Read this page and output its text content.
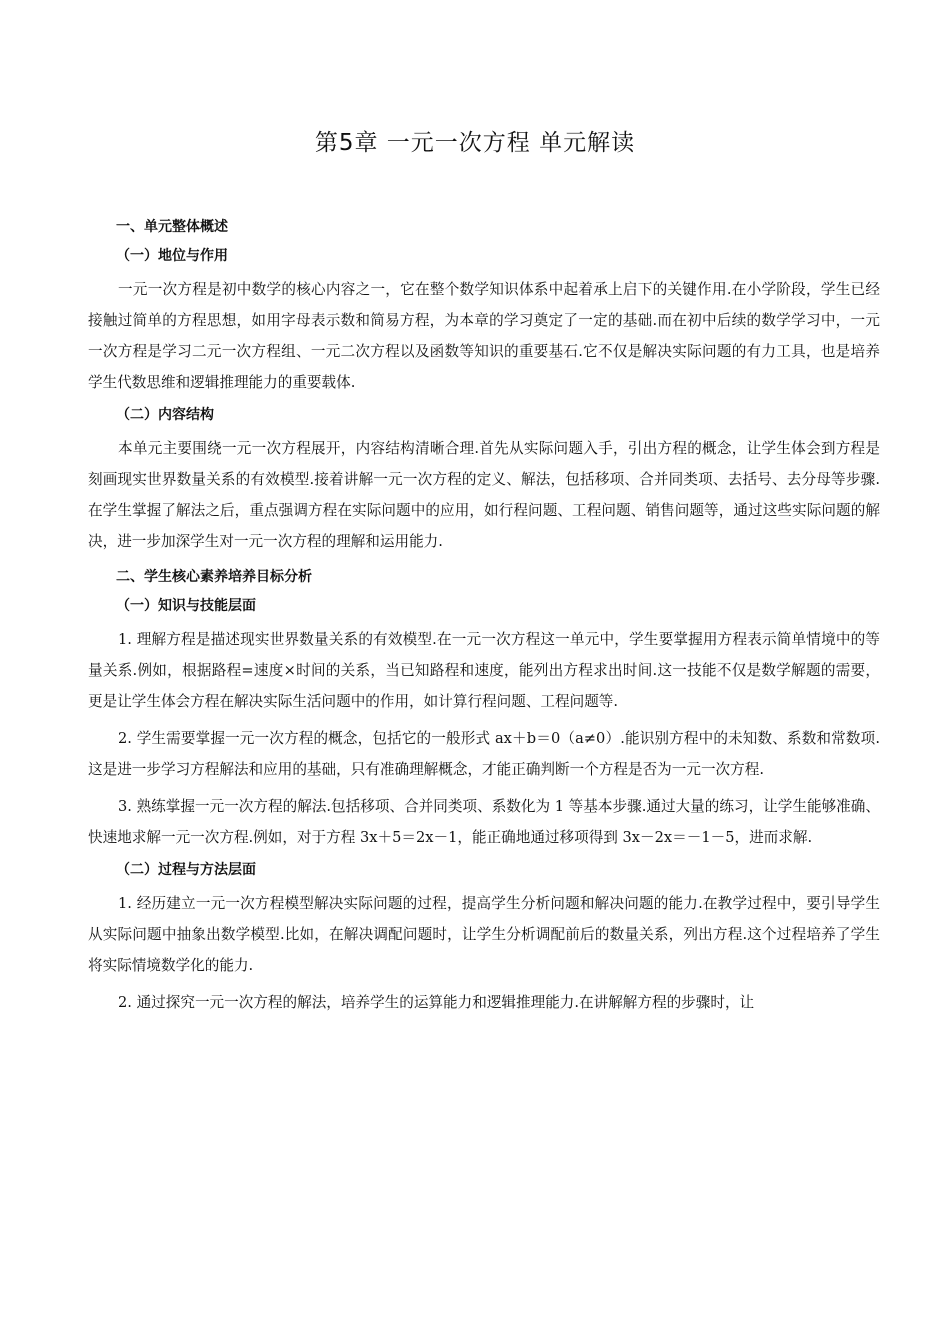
第5章 一元一次方程 单元解读
一、单元整体概述
（一）地位与作用

一元一次方程是初中数学的核心内容之一，它在整个数学知识体系中起着承上启下的关键作用.在小学阶段，学生已经接触过简单的方程思想，如用字母表示数和简易方程，为本章的学习奠定了一定的基础.而在初中后续的数学学习中，一元一次方程是学习二元一次方程组、一元二次方程以及函数等知识的重要基石.它不仅是解决实际问题的有力工具，也是培养学生代数思维和逻辑推理能力的重要载体.

（二）内容结构

本单元主要围绕一元一次方程展开，内容结构清晰合理.首先从实际问题入手，引出方程的概念，让学生体会到方程是刻画现实世界数量关系的有效模型.接着讲解一元一次方程的定义、解法，包括移项、合并同类项、去括号、去分母等步骤.在学生掌握了解法之后，重点强调方程在实际问题中的应用，如行程问题、工程问题、销售问题等，通过这些实际问题的解决，进一步加深学生对一元一次方程的理解和运用能力.

二、学生核心素养培养目标分析
（一）知识与技能层面

1. 理解方程是描述现实世界数量关系的有效模型.在一元一次方程这一单元中，学生要掌握用方程表示简单情境中的等量关系.例如，根据路程=速度×时间的关系，当已知路程和速度，能列出方程求出时间.这一技能不仅是数学解题的需要，更是让学生体会方程在解决实际生活问题中的作用，如计算行程问题、工程问题等.

2. 学生需要掌握一元一次方程的概念，包括它的一般形式 ax＋b＝0（a≠0）.能识别方程中的未知数、系数和常数项.这是进一步学习方程解法和应用的基础，只有准确理解概念，才能正确判断一个方程是否为一元一次方程.

3. 熟练掌握一元一次方程的解法.包括移项、合并同类项、系数化为 1 等基本步骤.通过大量的练习，让学生能够准确、快速地求解一元一次方程.例如，对于方程 3x＋5＝2x－1，能正确地通过移项得到 3x－2x＝－1－5，进而求解.

（二）过程与方法层面

1. 经历建立一元一次方程模型解决实际问题的过程，提高学生分析问题和解决问题的能力.在教学过程中，要引导学生从实际问题中抽象出数学模型.比如，在解决调配问题时，让学生分析调配前后的数量关系，列出方程.这个过程培养了学生将实际情境数学化的能力.

2. 通过探究一元一次方程的解法，培养学生的运算能力和逻辑推理能力.在讲解解方程的步骤时，让
